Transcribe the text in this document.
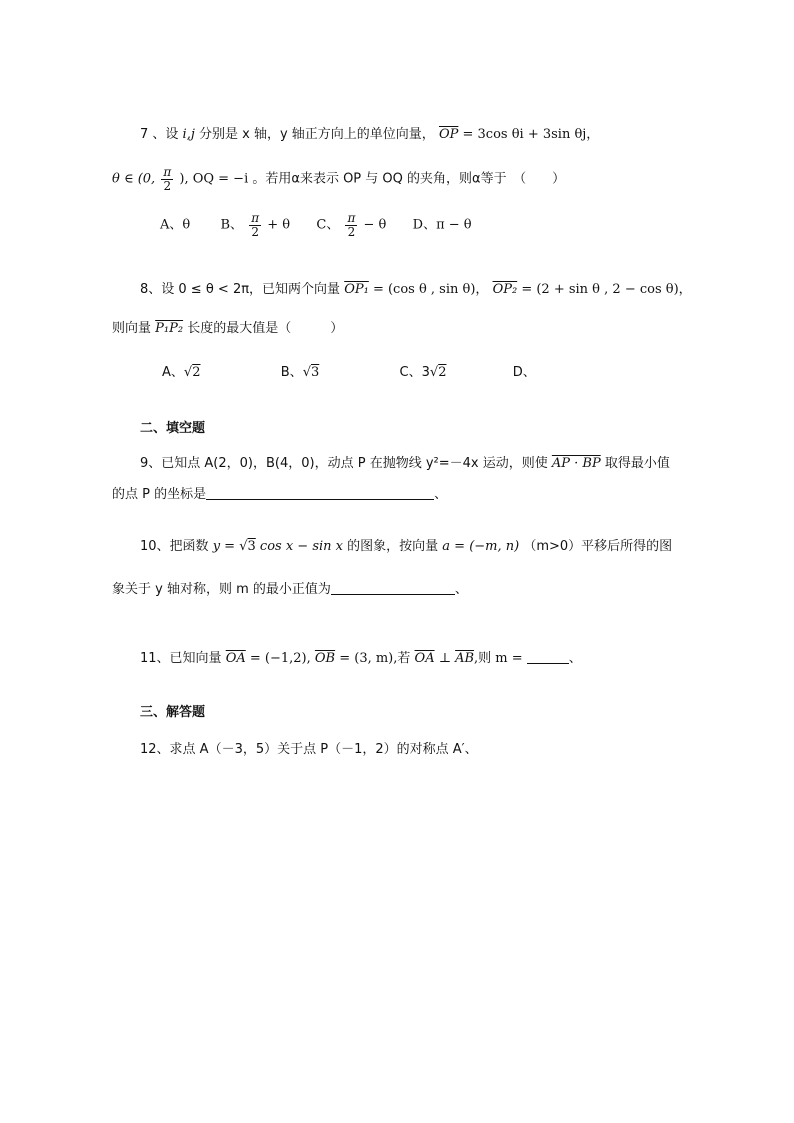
7 、设 i,j 分别是 x 轴，y 轴正方向上的单位向量， $\overline{OP} = 3\cos$ θi + 3sin θj，
θ ∈ (0, $\frac{\pi}{2}$ ), OQ = −i 。若用α来表示 OP 与 OQ 的夹角，则α等于　（　　）
A、θ B、 $\frac{\pi}{2} + \theta$ C、 $\frac{\pi}{2} - \theta$ D、π − θ
8、设 0 ≤ θ < 2π，已知两个向量 OP₁ = (cos θ , sin θ)， OP₂ = (2 + sin θ , 2 − cos θ)，
则向量 P₁P₂ 长度的最大值是（　　　）
A、√2	B、√3	C、3√2	D、
二、填空题
9、已知点 A(2，0)，B(4，0)，动点 P 在抛物线 y²=－4x 运动，则使 AP · BP 取得最小值
的点 P 的坐标是	、
10、把函数 y = √3 cos x − sin x 的图象，按向量 a = (−m, n) （m>0）平移后所得的图
象关于 y 轴对称，则 m 的最小正值为	、
11、已知向量 $\overline{OA} = (-1,2)$, $\overline{OB} = (3$, m),若 $\overline{OA}$ ⊥ $\overline{AB}$,则 m =	、
三、解答题
12、求点 A（－3，5）关于点 P（－1，2）的对称点 A′、
